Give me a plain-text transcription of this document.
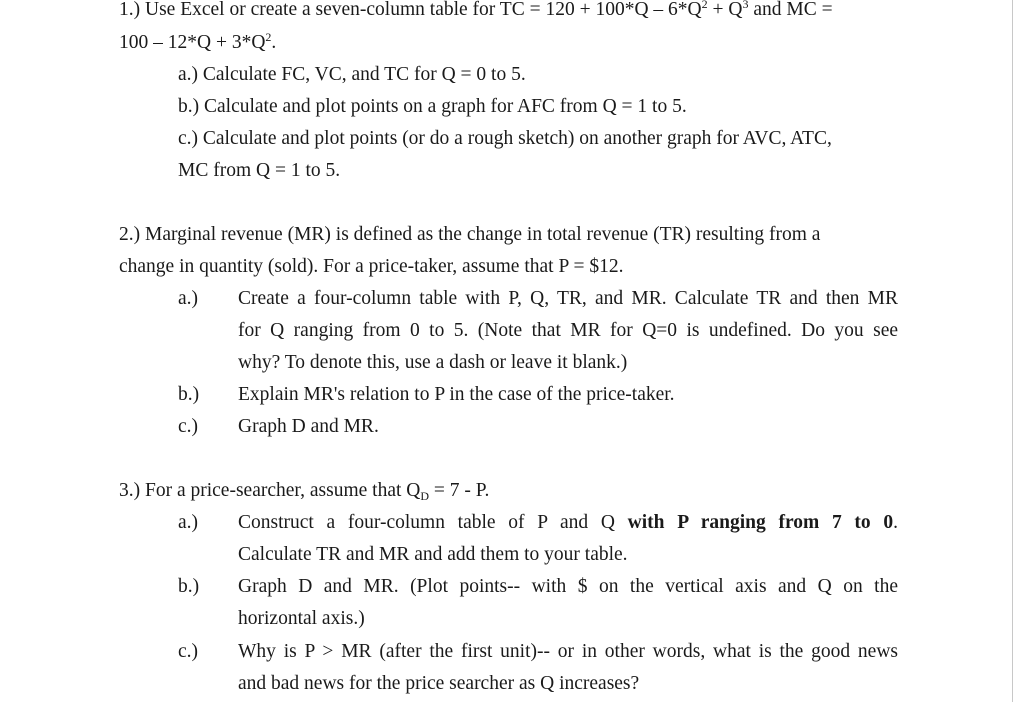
1.) Use Excel or create a seven-column table for TC = $120 + 100*Q - 6*Q^2 + Q^3$ and MC =
$100 - 12*Q + 3*Q^2$.
a.) Calculate FC, VC, and TC for Q = 0 to 5.
b.) Calculate and plot points on a graph for AFC from Q = 1 to 5.
c.) Calculate and plot points (or do a rough sketch) on another graph for AVC, ATC,
MC from Q = 1 to 5.
2.) Marginal revenue (MR) is defined as the change in total revenue (TR) resulting from a
change in quantity (sold). For a price-taker, assume that P = $12.
a.) Create a four-column table with P, Q, TR, and MR. Calculate TR and then MR
for Q ranging from 0 to 5. (Note that MR for Q=0 is undefined. Do you see
why? To denote this, use a dash or leave it blank.)
b.) Explain MR's relation to P in the case of the price-taker.
c.) Graph D and MR.
3.) For a price-searcher, assume that $Q_D = 7 - P$.
a.) Construct a four-column table of P and Q with P ranging from 7 to 0.
Calculate TR and MR and add them to your table.
b.) Graph D and MR. (Plot points-- with $ on the vertical axis and Q on the
horizontal axis.)
c.) Why is P > MR (after the first unit)-- or in other words, what is the good news
and bad news for the price searcher as Q increases?
